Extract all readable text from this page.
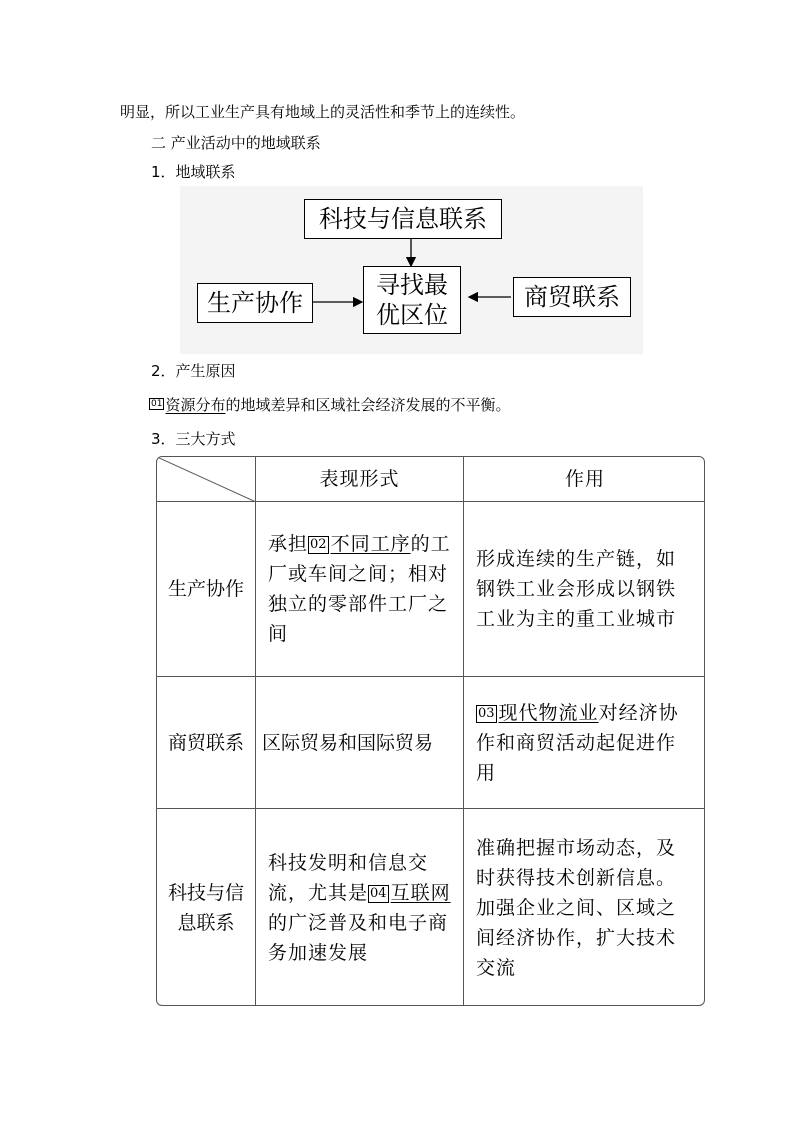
明显，所以工业生产具有地域上的灵活性和季节上的连续性。
二 产业活动中的地域联系
1．地域联系
科技与信息联系
寻找最优区位
生产协作	商贸联系
2．产生原因
01 资源分布的地域差异和区域社会经济发展的不平衡。
3．三大方式
表现形式	作用
生产协作
承担 02 不同工序的工厂或车间之间；相对独立的零部件工厂之间
形成连续的生产链，如钢铁工业会形成以钢铁工业为主的重工业城市
商贸联系 区际贸易和国际贸易
03 现代物流业对经济协作和商贸活动起促进作用
科技与信息联系
科技发明和信息交流，尤其是 04 互联网的广泛普及和电子商务加速发展
准确把握市场动态，及时获得技术创新信息。加强企业之间、区域之间经济协作，扩大技术交流
